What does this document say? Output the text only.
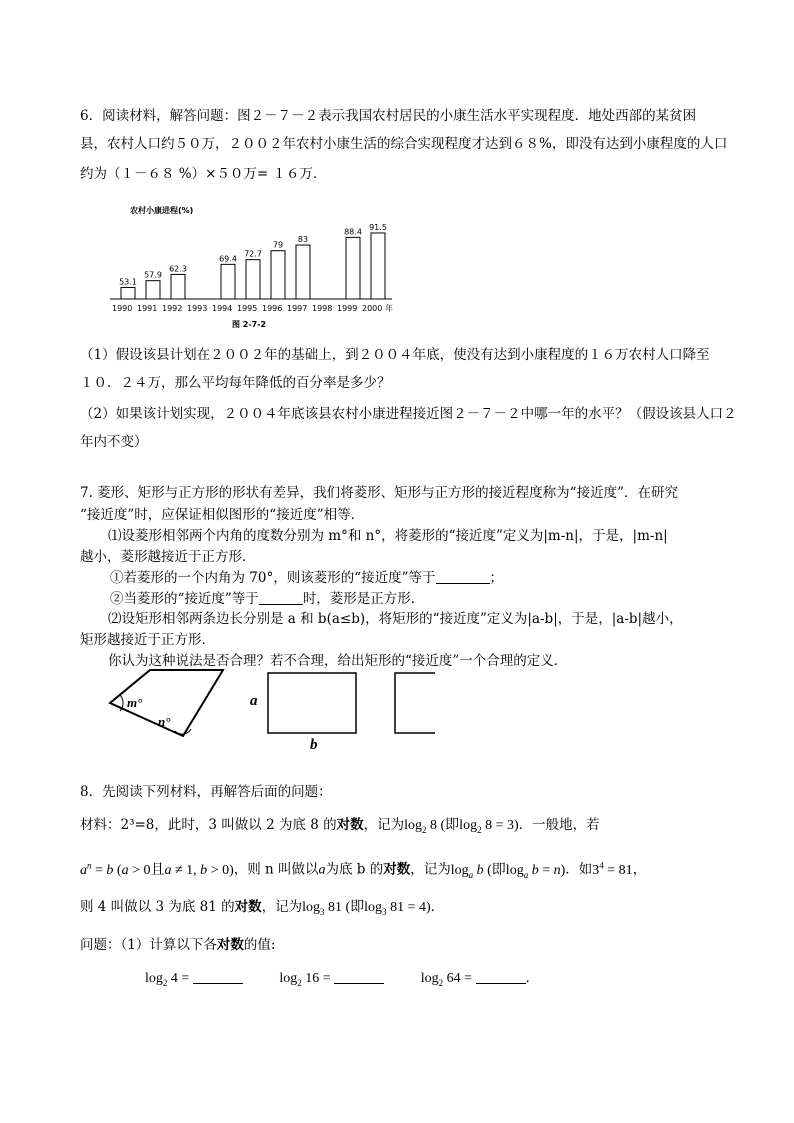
6．阅读材料，解答问题：图２－７－２表示我国农村居民的小康生活水平实现程度．地处西部的某贫困
县，农村人口约５０万，２００２年农村小康生活的综合实现程度才达到６８%，即没有达到小康程度的人口
约为（１－６８ %）×５０万= １６万．
农村小康进程(%)
1990
53.1
1991
57.9
1992
62.3
1993 1994
69.4
1995
72.7
1996
79
1997
83
1998 1999
88.4
2000
91.5
年
图 2-7-2
（1）假设该县计划在２００２年的基础上，到２００４年底，使没有达到小康程度的１６万农村人口降至
１０．２４万，那么平均每年降低的百分率是多少？
（2）如果该计划实现，２００４年底该县农村小康进程接近图２－７－２中哪一年的水平？（假设该县人口２
年内不变）
7. 菱形、矩形与正方形的形状有差异，我们将菱形、矩形与正方形的接近程度称为“接近度”．在研究
“接近度”时，应保证相似图形的“接近度”相等．
⑴设菱形相邻两个内角的度数分别为 m°和 n°，将菱形的“接近度”定义为|m-n|，于是，|m-n|
越小，菱形越接近于正方形．
①若菱形的一个内角为 70°，则该菱形的“接近度”等于	；
②当菱形的“接近度”等于	时，菱形是正方形．
⑵设矩形相邻两条边长分别是 a 和 b(a≤b)，将矩形的“接近度”定义为|a-b|，于是，|a-b|越小，
矩形越接近于正方形．
你认为这种说法是否合理？若不合理，给出矩形的“接近度”一个合理的定义．
m°
n°
a
b
8．先阅读下列材料，再解答后面的问题：
材料：2³=8，此时，3 叫做以 2 为底 8 的对数，记为$\log_2 8$ (即$\log_2 8 = 3$)．一般地，若
$a^n = b$ (a > 0且a ≠ 1, b > 0)，则 n 叫做以a为底 b 的对数，记为$\log_a b$ (即$\log_a b = n$)．如$3^4 = 81$，
则 4 叫做以 3 为底 81 的对数，记为$\log_3 81$ (即$\log_3 81 = 4$)．
问题：（1）计算以下各对数的值:
$\log_2 4$ =	$\log_2 16$ =	$\log_2 64$ =	．
